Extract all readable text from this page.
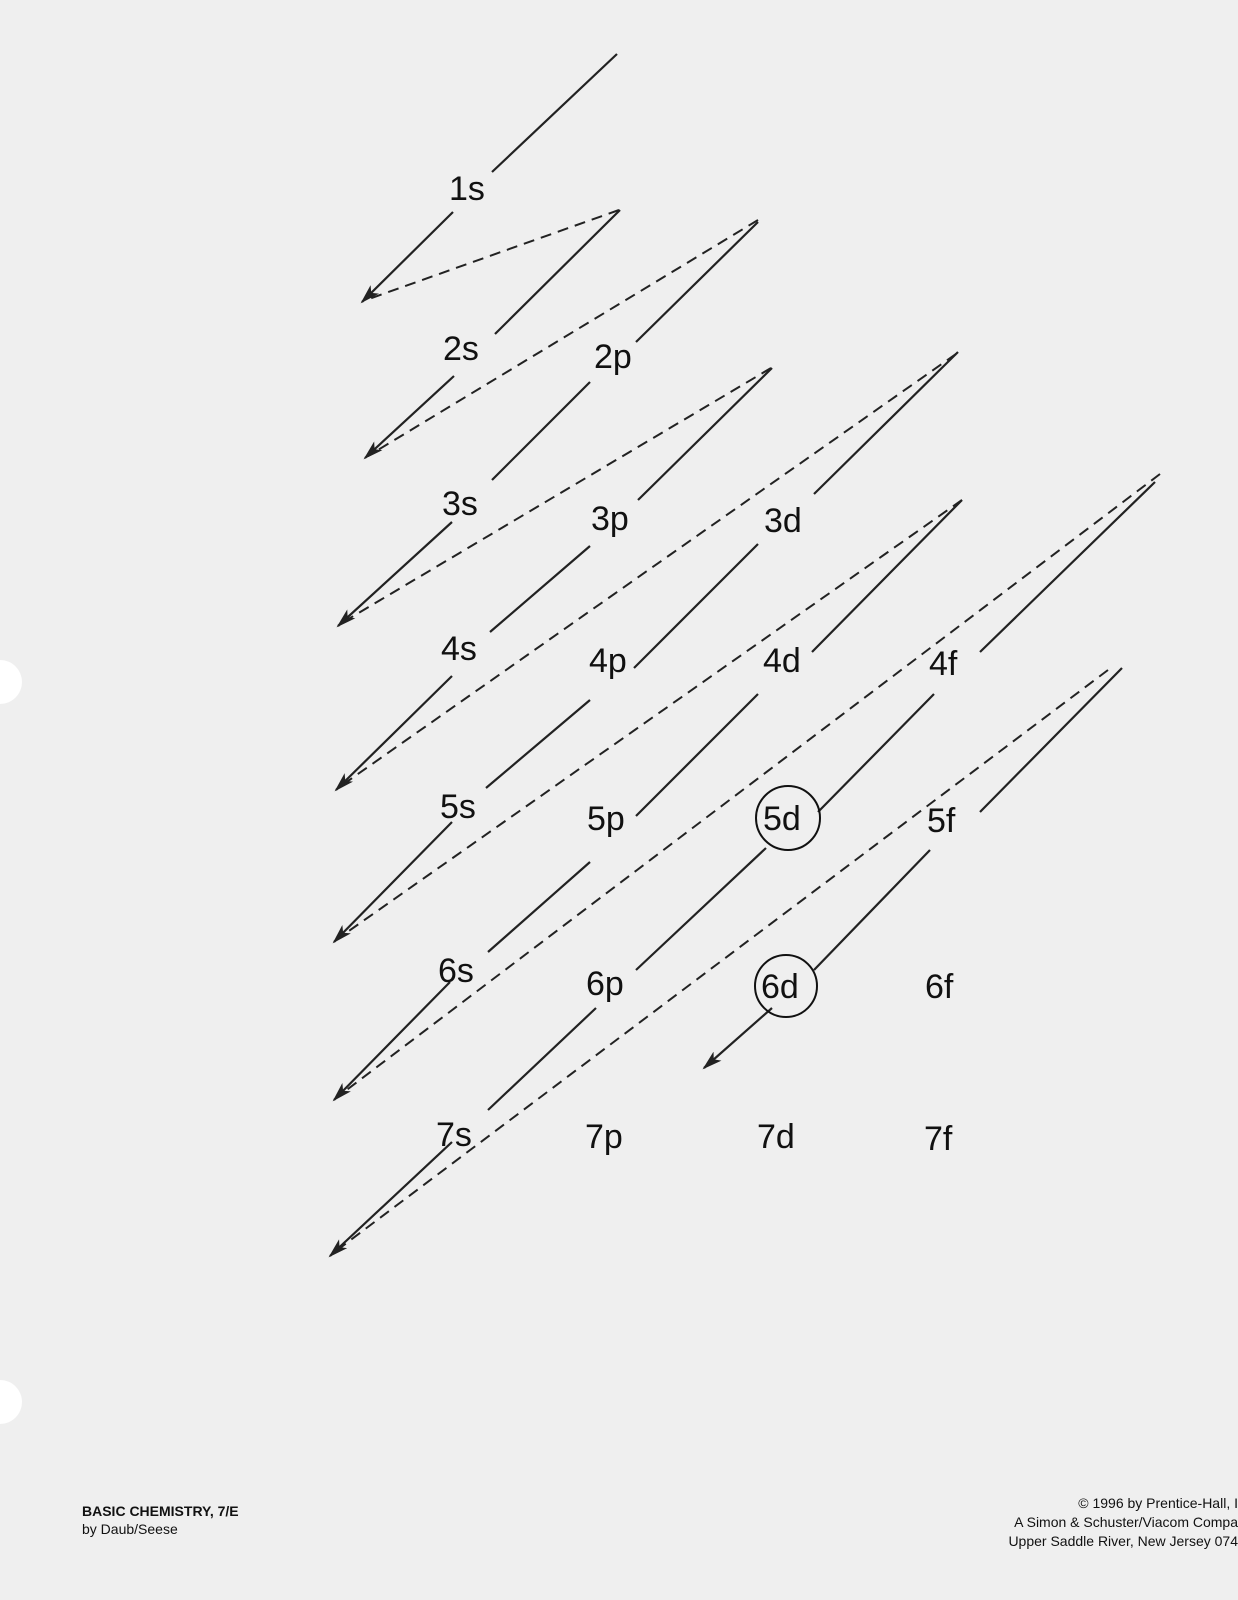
1s
2s	2p
3s	3p	3d
4s	4p	4d	4f
5s	5p	5d	5f
6s	6p	6d	6f
7s	7p	7d	7f
BASIC CHEMISTRY, 7/E
by Daub/Seese
© 1996 by Prentice-Hall, I
A Simon & Schuster/Viacom Compa
Upper Saddle River, New Jersey 074
